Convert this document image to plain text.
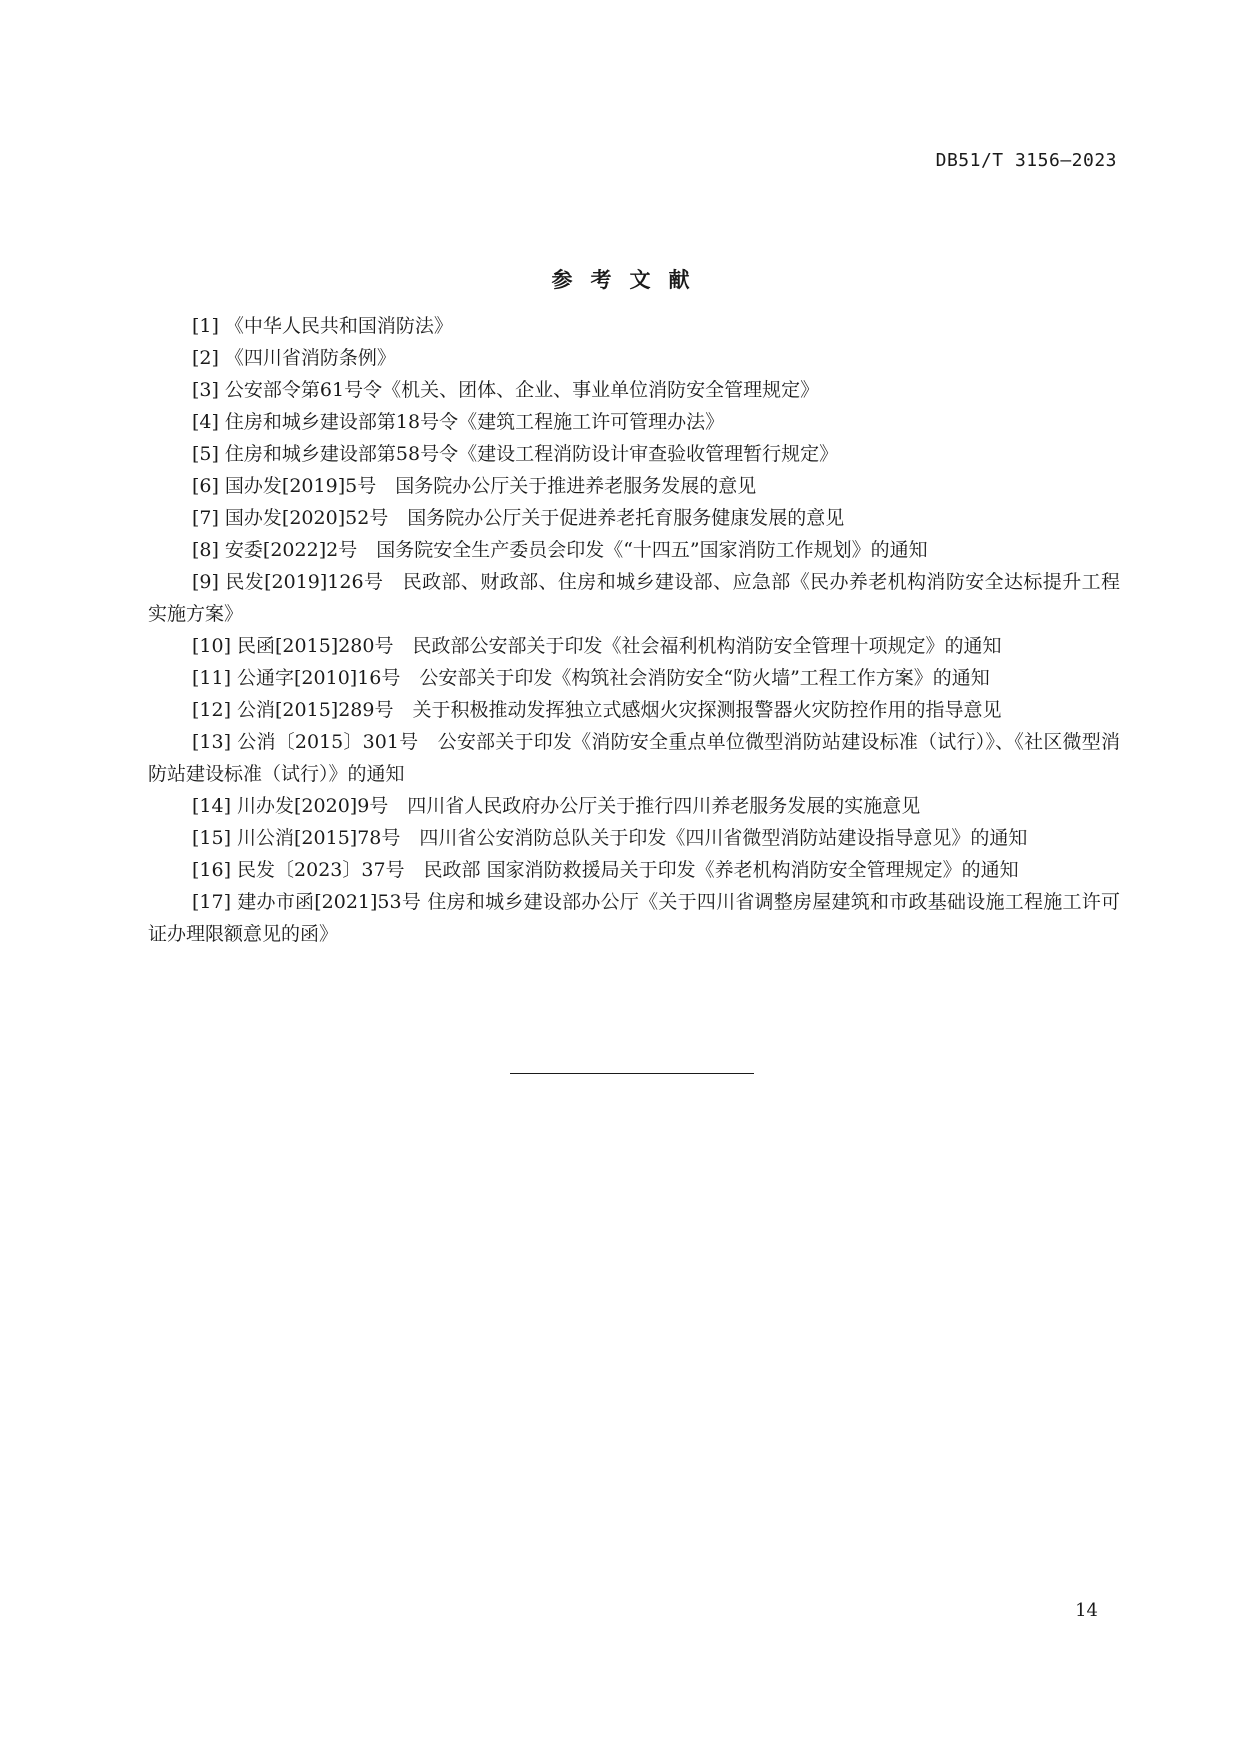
DB51/T 3156—2023
参考文献

[1] 《中华人民共和国消防法》

[2] 《四川省消防条例》

[3] 公安部令第61号令《机关、团体、企业、事业单位消防安全管理规定》

[4] 住房和城乡建设部第18号令《建筑工程施工许可管理办法》

[5] 住房和城乡建设部第58号令《建设工程消防设计审查验收管理暂行规定》

[6] 国办发[2019]5号　国务院办公厅关于推进养老服务发展的意见

[7] 国办发[2020]52号　国务院办公厅关于促进养老托育服务健康发展的意见

[8] 安委[2022]2号　国务院安全生产委员会印发《“十四五”国家消防工作规划》的通知

[9] 民发[2019]126号　民政部、财政部、住房和城乡建设部、应急部《民办养老机构消防安全达标提升工程实施方案》

[10] 民函[2015]280号　民政部公安部关于印发《社会福利机构消防安全管理十项规定》的通知

[11] 公通字[2010]16号　公安部关于印发《构筑社会消防安全“防火墙”工程工作方案》的通知

[12] 公消[2015]289号　关于积极推动发挥独立式感烟火灾探测报警器火灾防控作用的指导意见

[13] 公消〔2015〕301号　公安部关于印发《消防安全重点单位微型消防站建设标准（试行）》、《社区微型消防站建设标准（试行）》的通知

[14] 川办发[2020]9号　四川省人民政府办公厅关于推行四川养老服务发展的实施意见

[15] 川公消[2015]78号　四川省公安消防总队关于印发《四川省微型消防站建设指导意见》的通知

[16] 民发〔2023〕37号　民政部 国家消防救援局关于印发《养老机构消防安全管理规定》的通知

[17] 建办市函[2021]53号 住房和城乡建设部办公厅《关于四川省调整房屋建筑和市政基础设施工程施工许可证办理限额意见的函》

14
